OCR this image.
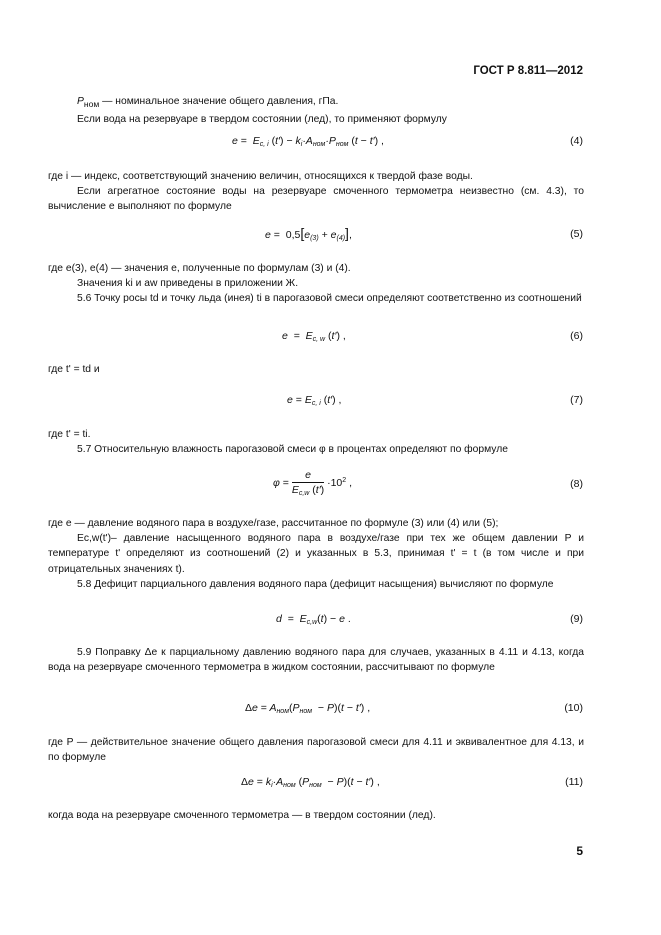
ГОСТ Р 8.811—2012

$P_{ном}$ — номинальное значение общего давления, гПа.

Если вода на резервуаре в твердом состоянии (лед), то применяют формулу

$e = E_{c, i}$ $(t') - k_i\cdot A_{ном}\cdot P_{ном}$ (t − t′) ,	(4)

где i — индекс, соответствующий значению величин, относящихся к твердой фазе воды.

Если агрегатное состояние воды на резервуаре смоченного термометра неизвестно (см. 4.3), то вычисление e выполняют по формуле

$e = 0,5[e_{(3)} + e_{(4)}]$,	(5)

где e(3), e(4) — значения e, полученные по формулам (3) и (4).

Значения ki и aw приведены в приложении Ж.

5.6 Точку росы td и точку льда (инея) ti в парогазовой смеси определяют соответственно из соотношений

$e = E_{c, w}$ (t′) ,	(6)
где t' = td и
$e = E_{c, i}$ (t′) ,	(7)

где t' = ti.

5.7 Относительную влажность парогазовой смеси φ в процентах определяют по формуле

$\varphi = \frac{e}{E_{c,w} (t')} \cdot 10^2$ ,	(8)

где e — давление водяного пара в воздухе/газе, рассчитанное по формуле (3) или (4) или (5);

Ec,w(t')– давление насыщенного водяного пара в воздухе/газе при тех же общем давлении P и температуре t' определяют из соотношений (2) и указанных в 5.3, принимая t' = t (в том числе и при отрицательных значениях t).

5.8 Дефицит парциального давления водяного пара (дефицит насыщения) вычисляют по формуле

$d = E_{c,w}(t) - e$ .	(9)

5.9 Поправку Δe к парциальному давлению водяного пара для случаев, указанных в 4.11 и 4.13, когда вода на резервуаре смоченного термометра в жидком состоянии, рассчитывают по формуле

$\Delta e = A_{ном}(P_{ном} - P)(t - t')$ ,	(10)

где P — действительное значение общего давления парогазовой смеси для 4.11 и эквивалентное для 4.13, и по формуле

$\Delta e = k_i\cdot A_{ном}$ $(P_{ном} - P)(t - t')$ ,	(11)
когда вода на резервуаре смоченного термометра — в твердом состоянии (лед).
5
